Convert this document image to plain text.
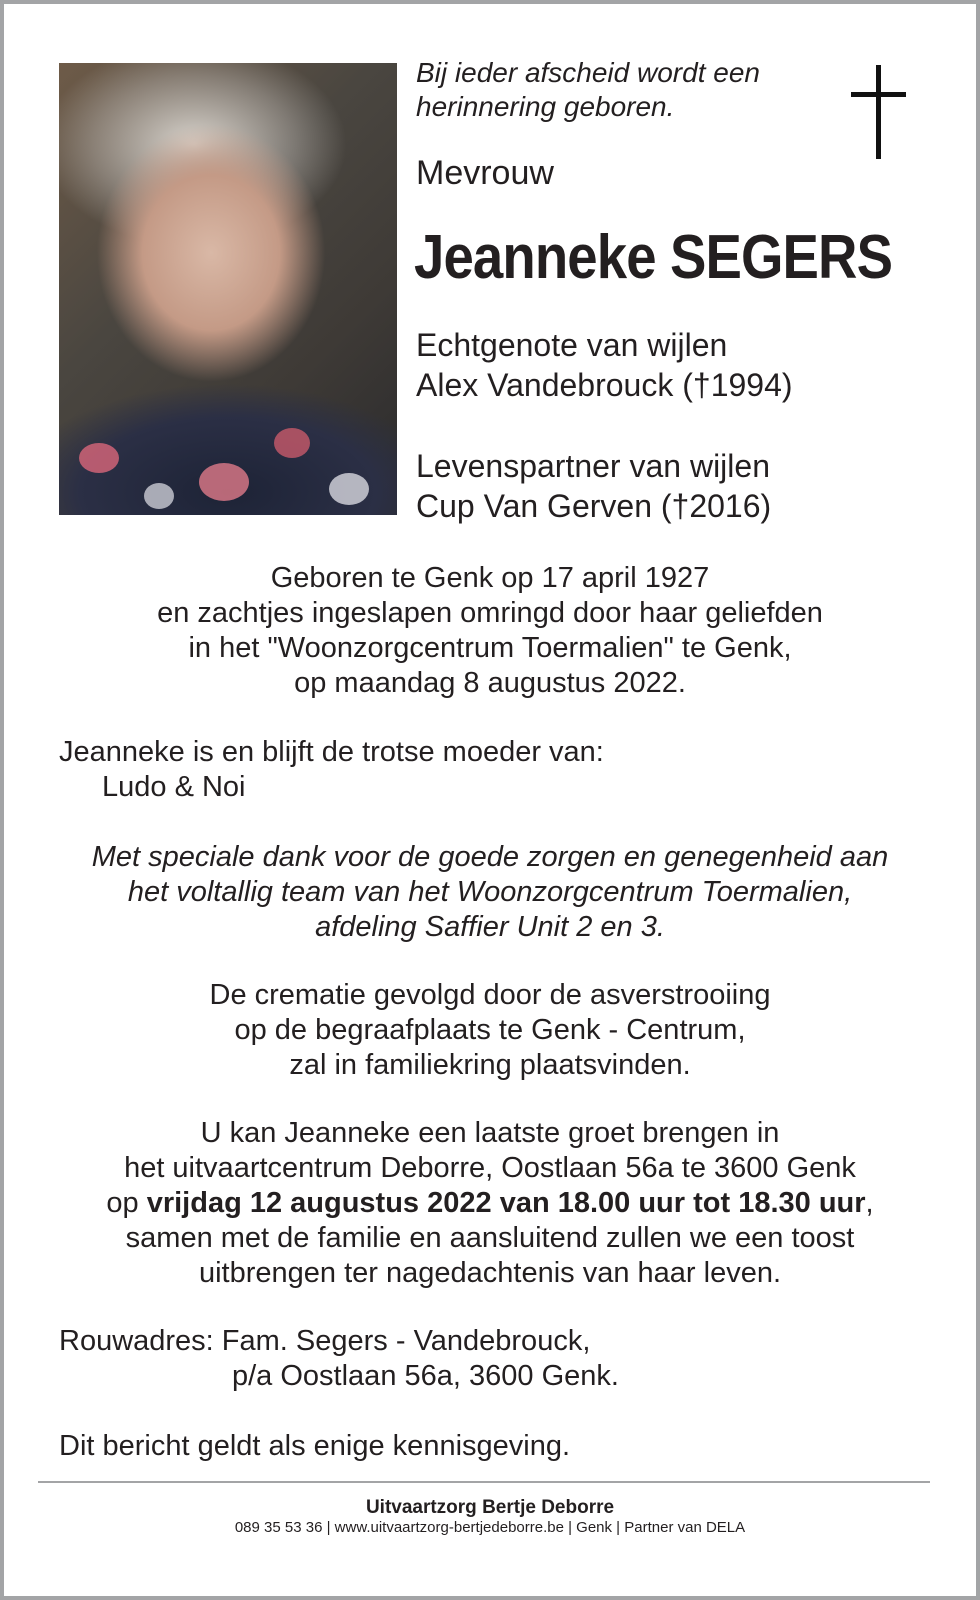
Bij ieder afscheid wordt een
herinnering geboren.
Mevrouw
Jeanneke SEGERS
Echtgenote van wijlen
Alex Vandebrouck (†1994)
Levenspartner van wijlen
Cup Van Gerven (†2016)
Geboren te Genk op 17 april 1927
en zachtjes ingeslapen omringd door haar geliefden
in het "Woonzorgcentrum Toermalien" te Genk,
op maandag 8 augustus 2022.
Jeanneke is en blijft de trotse moeder van:
Ludo & Noi
Met speciale dank voor de goede zorgen en genegenheid aan
het voltallig team van het Woonzorgcentrum Toermalien,
afdeling Saffier Unit 2 en 3.
De crematie gevolgd door de asverstrooiing
op de begraafplaats te Genk - Centrum,
zal in familiekring plaatsvinden.
U kan Jeanneke een laatste groet brengen in
het uitvaartcentrum Deborre, Oostlaan 56a te 3600 Genk
op vrijdag 12 augustus 2022 van 18.00 uur tot 18.30 uur,
samen met de familie en aansluitend zullen we een toost
uitbrengen ter nagedachtenis van haar leven.
Rouwadres: Fam. Segers - Vandebrouck,
p/a Oostlaan 56a, 3600 Genk.
Dit bericht geldt als enige kennisgeving.
Uitvaartzorg Bertje Deborre
089 35 53 36 | www.uitvaartzorg-bertjedeborre.be | Genk | Partner van DELA
